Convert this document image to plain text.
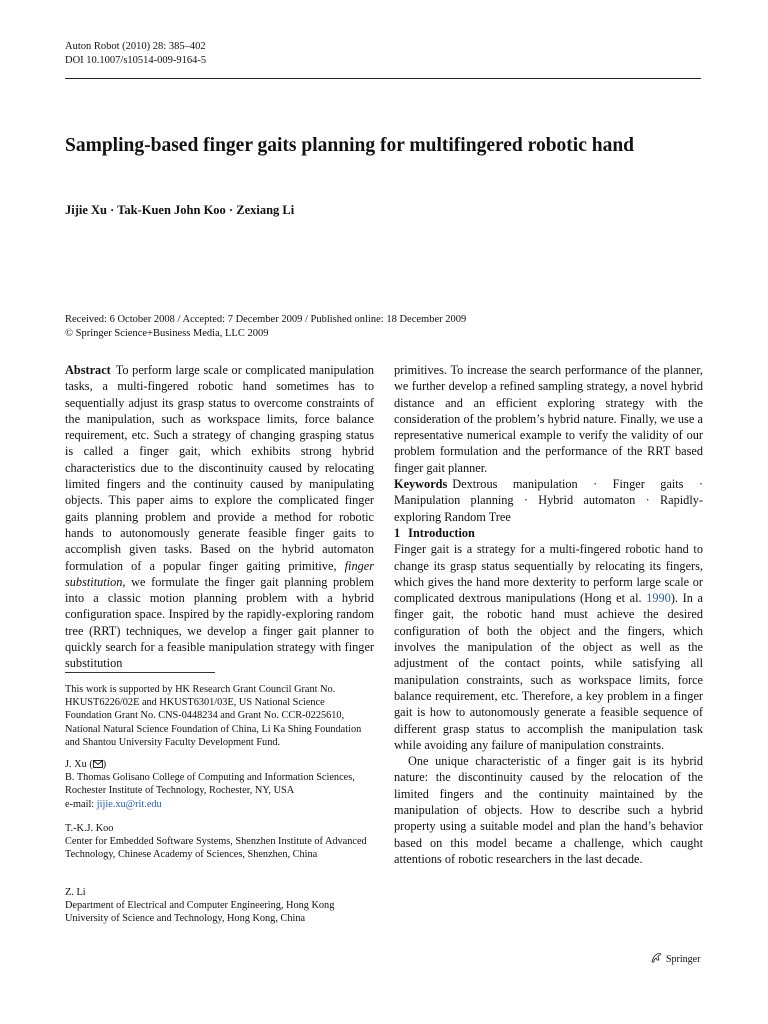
Auton Robot (2010) 28: 385–402
DOI 10.1007/s10514-009-9164-5
Sampling-based finger gaits planning for multifingered robotic hand
Jijie Xu · Tak-Kuen John Koo · Zexiang Li
Received: 6 October 2008 / Accepted: 7 December 2009 / Published online: 18 December 2009
© Springer Science+Business Media, LLC 2009

Abstract To perform large scale or complicated manipulation tasks, a multi-fingered robotic hand sometimes has to sequentially adjust its grasp status to overcome constraints of the manipulation, such as workspace limits, force balance requirement, etc. Such a strategy of changing grasping status is called a finger gait, which exhibits strong hybrid characteristics due to the discontinuity caused by relocating limited fingers and the continuity caused by manipulating objects. This paper aims to explore the complicated finger gaits planning problem and provide a method for robotic hands to autonomously generate feasible finger gaits to accomplish given tasks. Based on the hybrid automaton formulation of a popular finger gaiting primitive, finger substitution, we formulate the finger gait planning problem into a classic motion planning problem with a hybrid configuration space. Inspired by the rapidly-exploring random tree (RRT) techniques, we develop a finger gait planner to quickly search for a feasible manipulation strategy with finger substitution

primitives. To increase the search performance of the planner, we further develop a refined sampling strategy, a novel hybrid distance and an efficient exploring strategy with the consideration of the problem’s hybrid nature. Finally, we use a representative numerical example to verify the validity of our problem formulation and the performance of the RRT based finger gait planner.

Keywords Dextrous manipulation · Finger gaits · Manipulation planning · Hybrid automaton · Rapidly-exploring Random Tree

1 Introduction

Finger gait is a strategy for a multi-fingered robotic hand to change its grasp status sequentially by relocating its fingers, which gives the hand more dexterity to perform large scale or complicated dextrous manipulations (Hong et al. 1990). In a finger gait, the robotic hand must achieve the desired configuration of both the object and the fingers, which involves the manipulation of the object as well as the adjustment of the contact points, while satisfying all manipulation constraints, such as workspace limits, force balance requirement, etc. Therefore, a key problem in a finger gait is how to autonomously generate a feasible sequence of different grasp status to accomplish the manipulation task while avoiding any failure of manipulation constraints.

One unique characteristic of a finger gait is its hybrid nature: the discontinuity caused by the relocation of the limited fingers and the continuity maintained by the manipulation of objects. How to describe such a hybrid property using a suitable model and plan the hand’s behavior based on this model became a challenge, which caught attentions of robotic researchers in the last decade.

This work is supported by HK Research Grant Council Grant No. HKUST6226/02E and HKUST6301/03E, US National Science Foundation Grant No. CNS-0448234 and Grant No. CCR-0225610, National Natural Science Foundation of China, Li Ka Shing Foundation and Shantou University Faculty Development Fund.

J. Xu ( )

B. Thomas Golisano College of Computing and Information Sciences, Rochester Institute of Technology, Rochester, NY, USA

e-mail: jijie.xu@rit.edu

T.-K.J. Koo

Center for Embedded Software Systems, Shenzhen Institute of Advanced Technology, Chinese Academy of Sciences, Shenzhen, China

Z. Li

Department of Electrical and Computer Engineering, Hong Kong University of Science and Technology, Hong Kong, China

Springer
